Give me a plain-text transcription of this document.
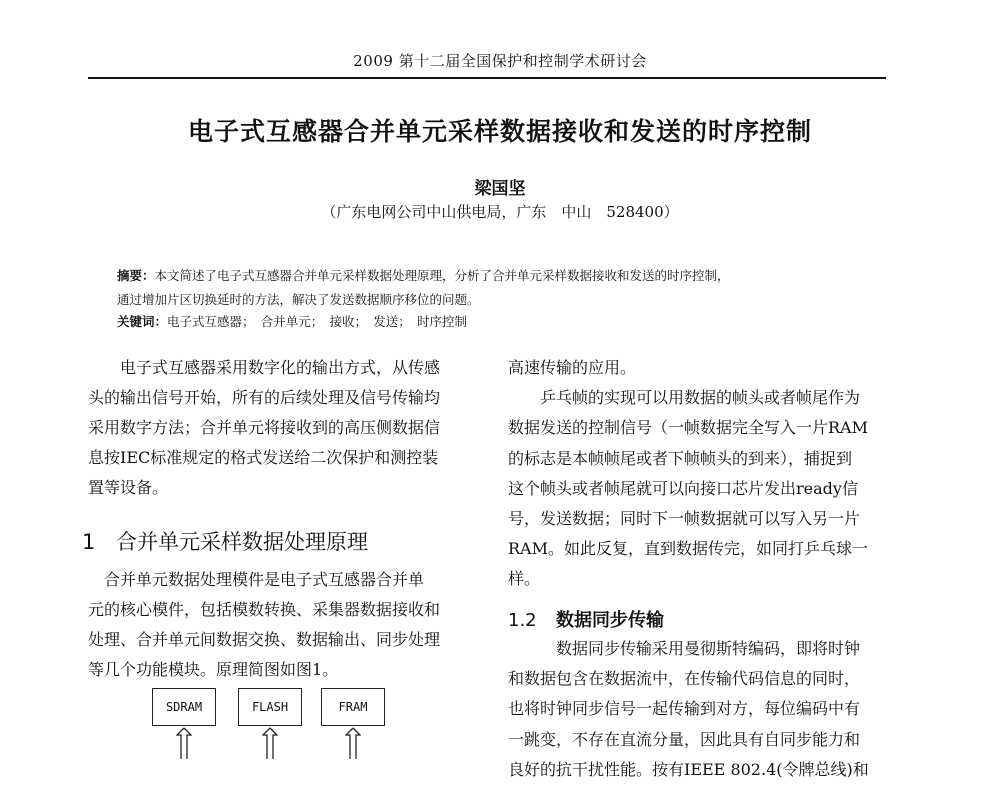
2009 第十二届全国保护和控制学术研讨会
电子式互感器合并单元采样数据接收和发送的时序控制
梁国坚
（广东电网公司中山供电局，广东　中山　528400）
摘要：本文简述了电子式互感器合并单元采样数据处理原理，分析了合并单元采样数据接收和发送的时序控制，
通过增加片区切换延时的方法，解决了发送数据顺序移位的问题。
关键词：电子式互感器；　合并单元；　接收；　发送；　时序控制
电子式互感器采用数字化的输出方式，从传感
头的输出信号开始，所有的后续处理及信号传输均
采用数字方法；合并单元将接收到的高压侧数据信
息按IEC标准规定的格式发送给二次保护和测控装
置等设备。
1 合并单元采样数据处理原理
合并单元数据处理模件是电子式互感器合并单
元的核心模件，包括模数转换、采集器数据接收和
处理、合并单元间数据交换、数据输出、同步处理
等几个功能模块。原理简图如图1。
SDRAM	FLASH	FRAM
高速传输的应用。
乒乓帧的实现可以用数据的帧头或者帧尾作为
数据发送的控制信号（一帧数据完全写入一片RAM
的标志是本帧帧尾或者下帧帧头的到来），捕捉到
这个帧头或者帧尾就可以向接口芯片发出ready信
号，发送数据；同时下一帧数据就可以写入另一片
RAM。如此反复，直到数据传完，如同打乒乓球一
样。
1.2 数据同步传输
数据同步传输采用曼彻斯特编码，即将时钟
和数据包含在数据流中，在传输代码信息的同时，
也将时钟同步信号一起传输到对方，每位编码中有
一跳变，不存在直流分量，因此具有自同步能力和
良好的抗干扰性能。按有IEEE 802.4(令牌总线)和
